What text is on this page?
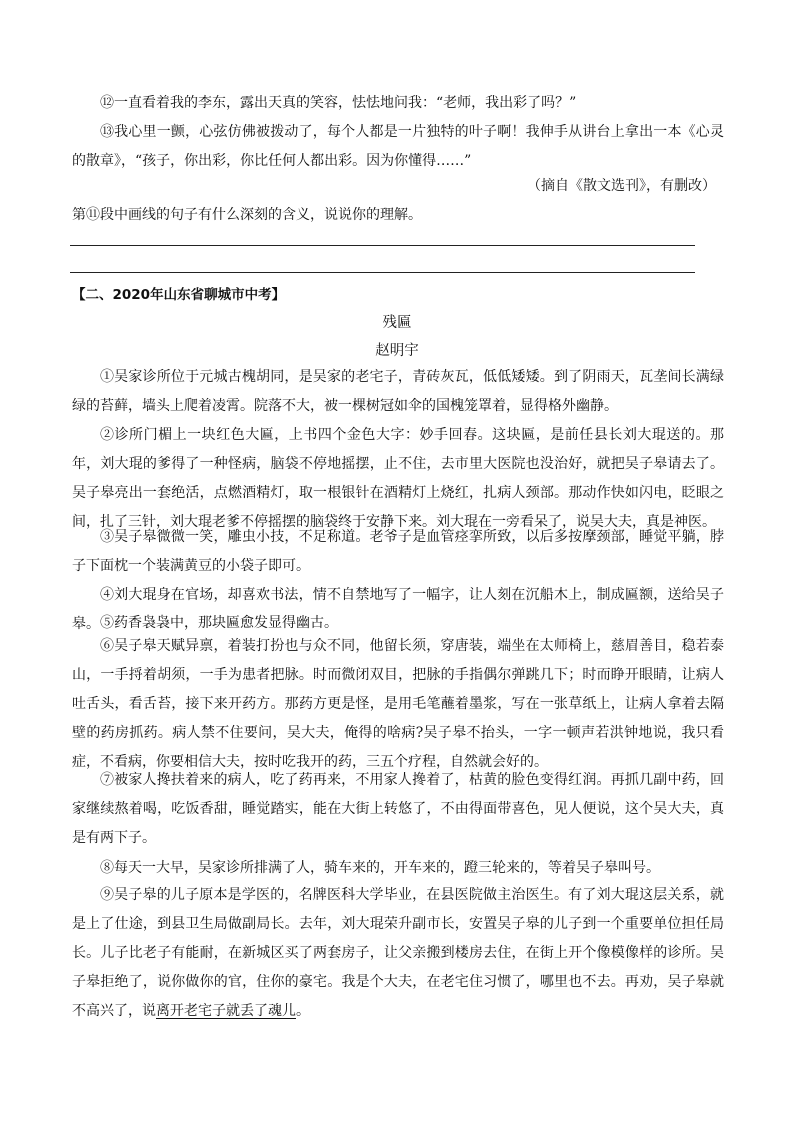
⑫一直看着我的李东，露出天真的笑容，怯怯地问我：“老师，我出彩了吗？”

⑬我心里一颤，心弦仿佛被拨动了，每个人都是一片独特的叶子啊！我伸手从讲台上拿出一本《心灵的散章》，“孩子，你出彩，你比任何人都出彩。因为你懂得……”

（摘自《散文选刊》，有删改）

第⑪段中画线的句子有什么深刻的含义，说说你的理解。

【二、2020年山东省聊城市中考】
残匾
赵明宇

①吴家诊所位于元城古槐胡同，是吴家的老宅子，青砖灰瓦，低低矮矮。到了阴雨天，瓦垄间长满绿绿的苔藓，墙头上爬着凌霄。院落不大，被一棵树冠如伞的国槐笼罩着，显得格外幽静。

②诊所门楣上一块红色大匾，上书四个金色大字：妙手回春。这块匾，是前任县长刘大琨送的。那年，刘大琨的爹得了一种怪病，脑袋不停地摇摆，止不住，去市里大医院也没治好，就把吴子皋请去了。吴子皋亮出一套绝活，点燃酒精灯，取一根银针在酒精灯上烧红，扎病人颈部。那动作快如闪电，眨眼之间，扎了三针，刘大琨老爹不停摇摆的脑袋终于安静下来。刘大琨在一旁看呆了，说吴大夫，真是神医。

③吴子皋微微一笑，雕虫小技，不足称道。老爷子是血管痉挛所致，以后多按摩颈部，睡觉平躺，脖子下面枕一个装满黄豆的小袋子即可。

④刘大琨身在官场，却喜欢书法，情不自禁地写了一幅字，让人刻在沉船木上，制成匾额，送给吴子皋。 ⑤药香袅袅中，那块匾愈发显得幽古。

⑥吴子皋天赋异禀，着装打扮也与众不同，他留长须，穿唐装，端坐在太师椅上，慈眉善目，稳若泰山，一手捋着胡须，一手为患者把脉。时而微闭双目，把脉的手指偶尔弹跳几下；时而睁开眼睛，让病人吐舌头，看舌苔，接下来开药方。那药方更是怪，是用毛笔蘸着墨浆，写在一张草纸上，让病人拿着去隔壁的药房抓药。病人禁不住要问，吴大夫，俺得的啥病?吴子皋不抬头，一字一顿声若洪钟地说，我只看症，不看病，你要相信大夫，按时吃我开的药，三五个疗程，自然就会好的。

⑦被家人搀扶着来的病人，吃了药再来，不用家人搀着了，枯黄的脸色变得红润。再抓几副中药，回家继续熬着喝，吃饭香甜，睡觉踏实，能在大街上转悠了，不由得面带喜色，见人便说，这个吴大夫，真是有两下子。

⑧每天一大早，吴家诊所排满了人，骑车来的，开车来的，蹬三轮来的，等着吴子皋叫号。

⑨吴子皋的儿子原本是学医的，名牌医科大学毕业，在县医院做主治医生。有了刘大琨这层关系，就是上了仕途，到县卫生局做副局长。去年，刘大琨荣升副市长，安置吴子皋的儿子到一个重要单位担任局长。儿子比老子有能耐，在新城区买了两套房子，让父亲搬到楼房去住，在街上开个像模像样的诊所。吴子皋拒绝了，说你做你的官，住你的豪宅。我是个大夫，在老宅住习惯了，哪里也不去。再劝，吴子皋就不高兴了，说离开老宅子就丢了魂儿。
